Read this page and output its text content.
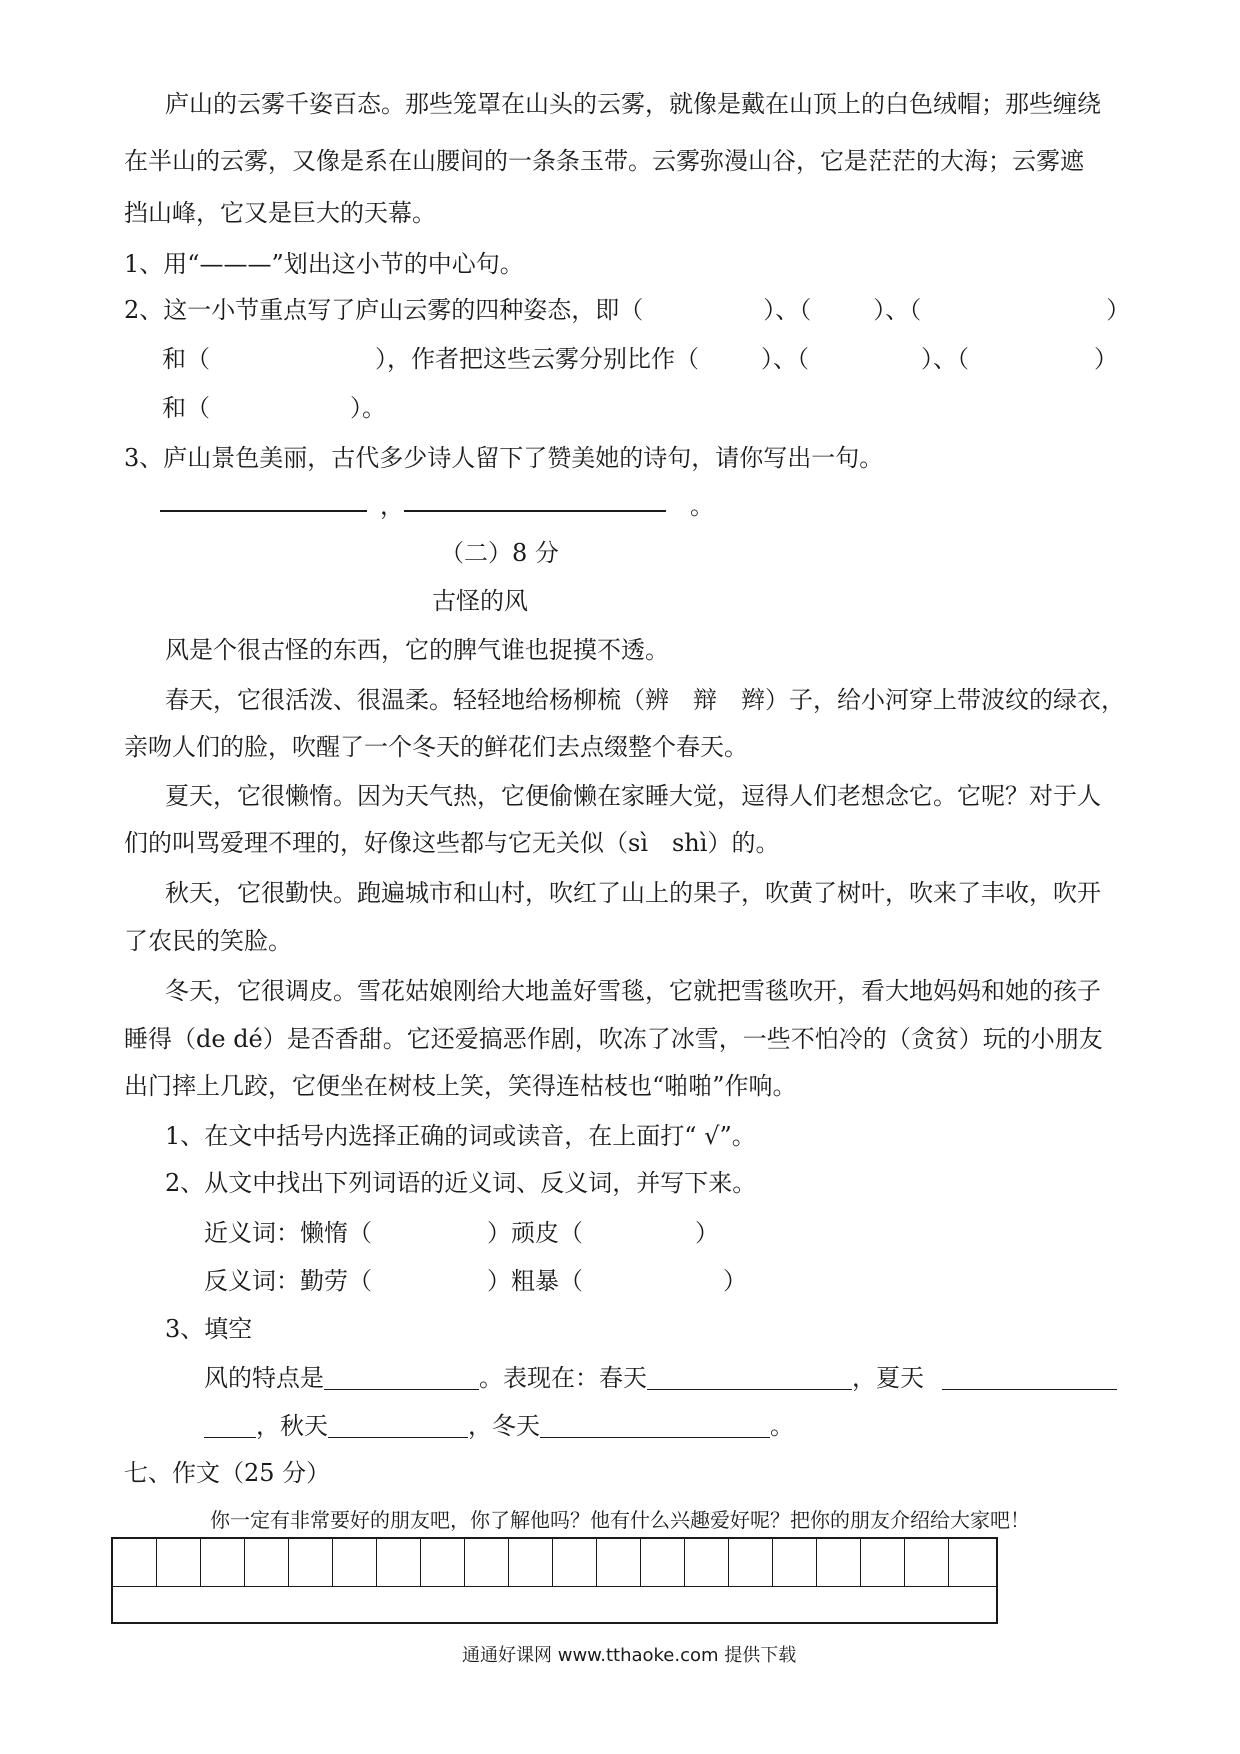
庐山的云雾千姿百态。那些笼罩在山头的云雾，就像是戴在山顶上的白色绒帽；那些缠绕
在半山的云雾，又像是系在山腰间的一条条玉带。云雾弥漫山谷，它是茫茫的大海；云雾遮
挡山峰，它又是巨大的天幕。
1、用“———”划出这小节的中心句。
2、这一小节重点写了庐山云雾的四种姿态，即（	）、（	）、（	）
和（	），作者把这些云雾分别比作（	）、（	）、（	）
和（	）。
3、庐山景色美丽，古代多少诗人留下了赞美她的诗句，请你写出一句。
，	。
（二）8 分
古怪的风
风是个很古怪的东西，它的脾气谁也捉摸不透。
春天，它很活泼、很温柔。轻轻地给杨柳梳（辨　辩　辫）子，给小河穿上带波纹的绿衣，
亲吻人们的脸，吹醒了一个冬天的鲜花们去点缀整个春天。
夏天，它很懒惰。因为天气热，它便偷懒在家睡大觉，逗得人们老想念它。它呢？对于人
们的叫骂爱理不理的，好像这些都与它无关似（sì　shì）的。
秋天，它很勤快。跑遍城市和山村，吹红了山上的果子，吹黄了树叶，吹来了丰收，吹开
了农民的笑脸。
冬天，它很调皮。雪花姑娘刚给大地盖好雪毯，它就把雪毯吹开，看大地妈妈和她的孩子
睡得（de dé）是否香甜。它还爱搞恶作剧，吹冻了冰雪，一些不怕冷的（贪贫）玩的小朋友
出门摔上几跤，它便坐在树枝上笑，笑得连枯枝也“啪啪”作响。
1、在文中括号内选择正确的词或读音，在上面打“ √”。
2、从文中找出下列词语的近义词、反义词，并写下来。
近义词：懒惰（	）顽皮（	）
反义词：勤劳（	）粗暴（	）
3、填空
风的特点是	。表现在：春天	，夏天
，秋天	，冬天	。
七、作文（25 分）
你一定有非常要好的朋友吧，你了解他吗？他有什么兴趣爱好呢？把你的朋友介绍给大家吧！
通通好课网 www.tthaoke.com 提供下载
